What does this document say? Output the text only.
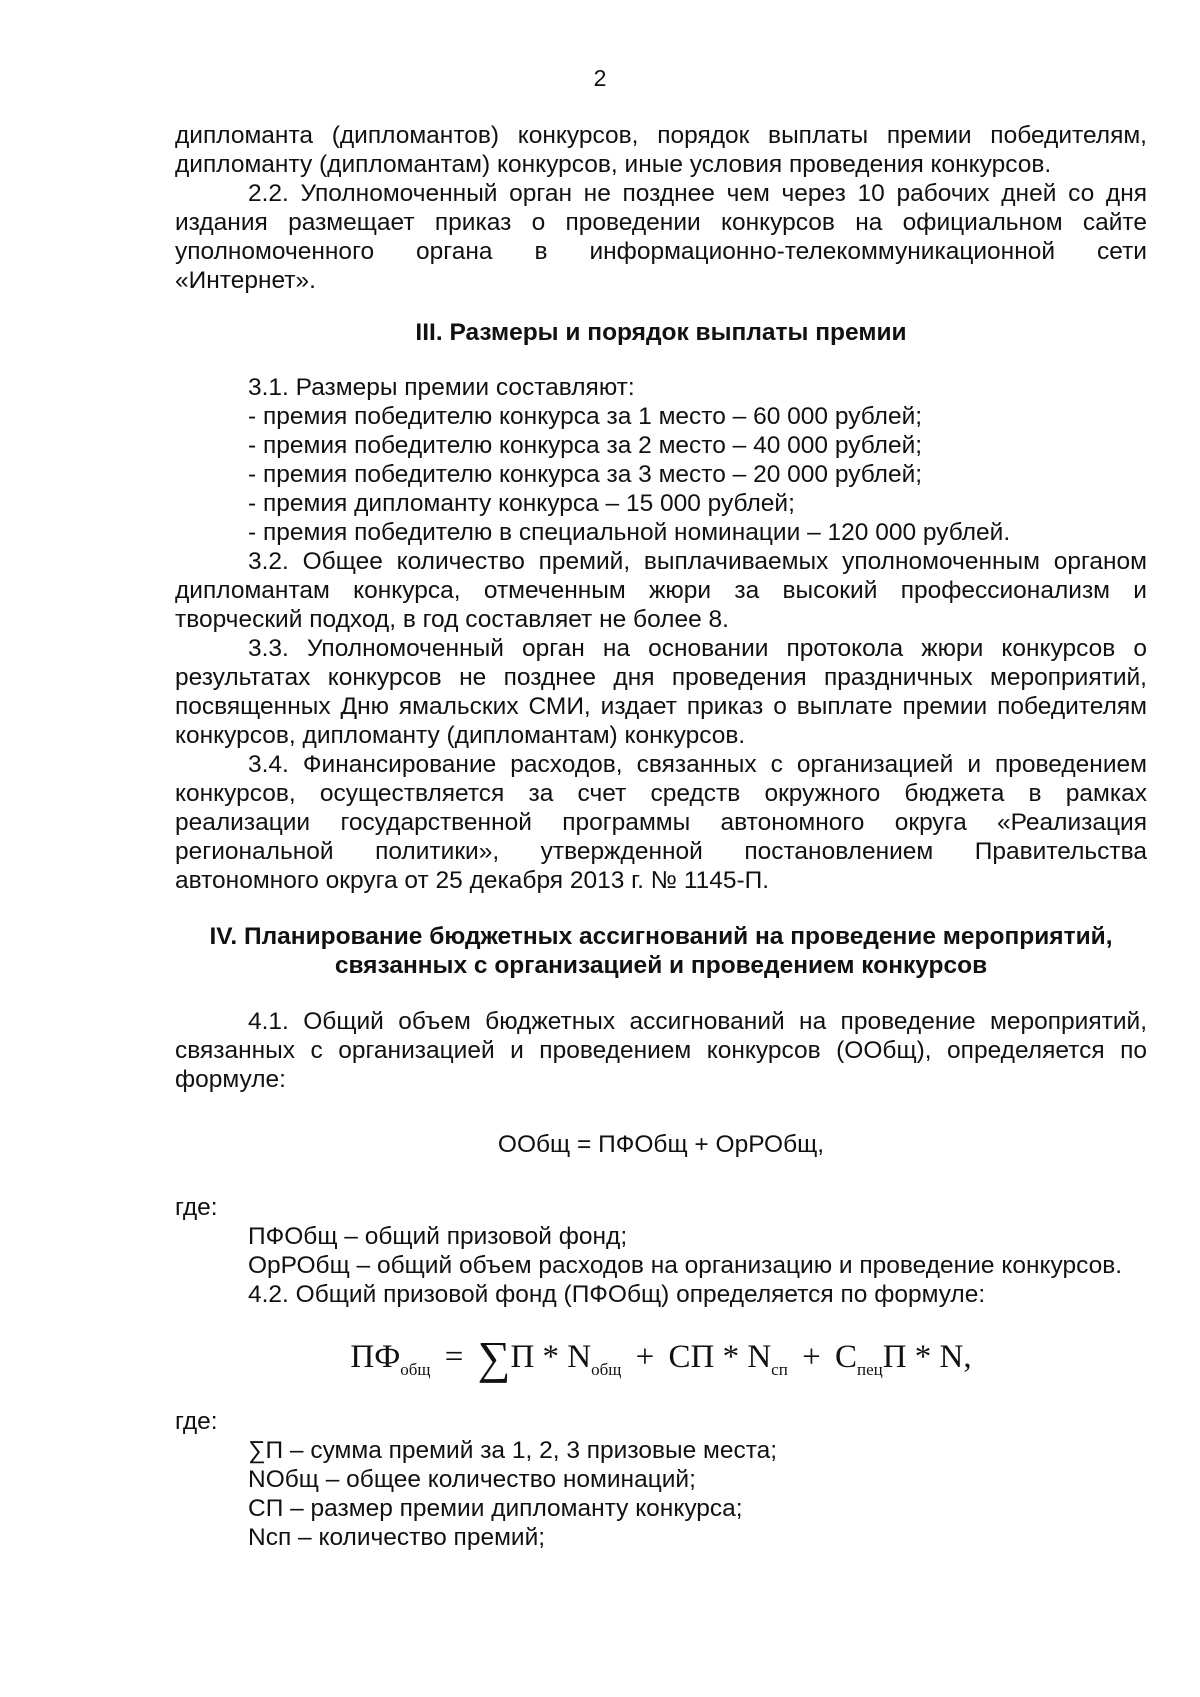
2

дипломанта (дипломантов) конкурсов, порядок выплаты премии победителям, дипломанту (дипломантам) конкурсов, иные условия проведения конкурсов.

2.2. Уполномоченный орган не позднее чем через 10 рабочих дней со дня издания размещает приказ о проведении конкурсов на официальном сайте уполномоченного органа в информационно-телекоммуникационной сети «Интернет».

III. Размеры и порядок выплаты премии

3.1. Размеры премии составляют:

- премия победителю конкурса за 1 место – 60 000 рублей;

- премия победителю конкурса за 2 место – 40 000 рублей;

- премия победителю конкурса за 3 место – 20 000 рублей;

- премия дипломанту конкурса – 15 000 рублей;

- премия победителю в специальной номинации – 120 000 рублей.

3.2. Общее количество премий, выплачиваемых уполномоченным органом дипломантам конкурса, отмеченным жюри за высокий профессионализм и творческий подход, в год составляет не более 8.

3.3. Уполномоченный орган на основании протокола жюри конкурсов о результатах конкурсов не позднее дня проведения праздничных мероприятий, посвященных Дню ямальских СМИ, издает приказ о выплате премии победителям конкурсов, дипломанту (дипломантам) конкурсов.

3.4. Финансирование расходов, связанных с организацией и проведением конкурсов, осуществляется за счет средств окружного бюджета в рамках реализации государственной программы автономного округа «Реализация региональной политики», утвержденной постановлением Правительства автономного округа от 25 декабря 2013 г. № 1145-П.

IV. Планирование бюджетных ассигнований на проведение мероприятий,

связанных с организацией и проведением конкурсов

4.1. Общий объем бюджетных ассигнований на проведение мероприятий, связанных с организацией и проведением конкурсов (ООбщ), определяется по формуле:

ООбщ = ПФОбщ + ОрРОбщ,

где:

ПФОбщ – общий призовой фонд;

ОрРОбщ – общий объем расходов на организацию и проведение конкурсов.

4.2. Общий призовой фонд (ПФОбщ) определяется по формуле:

$ПФ_{общ} = \sum П * N_{общ}$ + СП * $N_{сп} + С_{пец}П * N$,

где:

∑П – сумма премий за 1, 2, 3 призовые места;

NОбщ – общее количество номинаций;

СП – размер премии дипломанту конкурса;

Nсп – количество премий;
